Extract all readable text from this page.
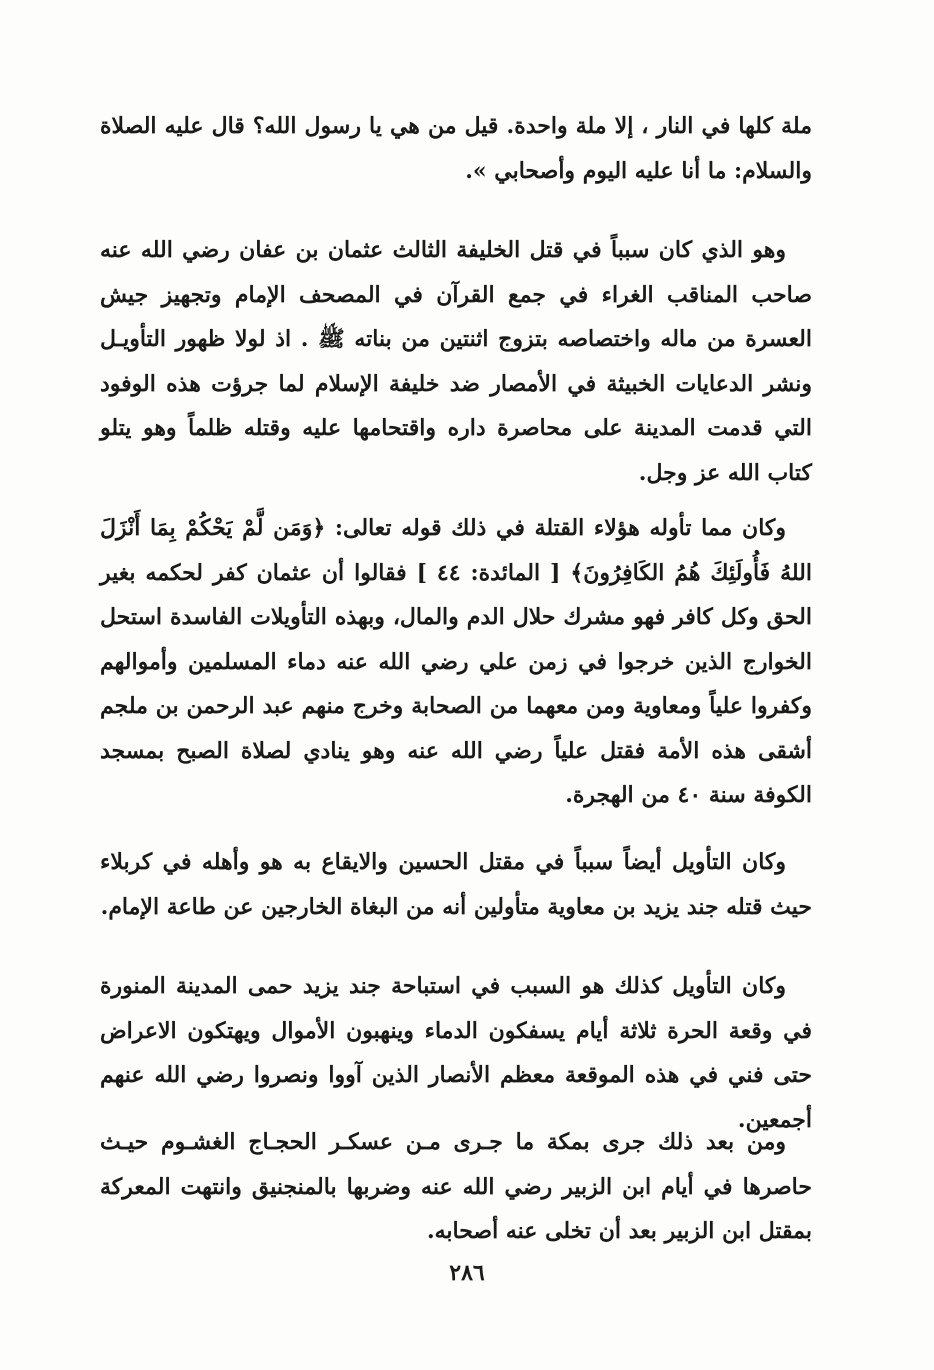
ملة كلها في النار ، إلا ملة واحدة. قيل من هي يا رسول الله؟ قال عليه الصلاة والسلام: ما أنا عليه اليوم وأصحابي ».

وهو الذي كان سبباً في قتل الخليفة الثالث عثمان بن عفان رضي الله عنه صاحب المناقب الغراء في جمع القرآن في المصحف الإمام وتجهيز جيش العسرة من ماله واختصاصه بتزوج اثنتين من بناته ﷺ . اذ لولا ظهور التأويـل ونشر الدعايات الخبيثة في الأمصار ضد خليفة الإسلام لما جرؤت هذه الوفود التي قدمت المدينة على محاصرة داره واقتحامها عليه وقتله ظلماً وهو يتلو كتاب الله عز وجل.

وكان مما تأوله هؤلاء القتلة في ذلك قوله تعالى: ﴿وَمَن لَّمْ يَحْكُمْ بِمَا أَنْزَلَ اللهُ فَأُولَئِكَ هُمُ الكَافِرُونَ﴾ [ المائدة: ٤٤ ] فقالوا أن عثمان كفر لحكمه بغير الحق وكل كافر فهو مشرك حلال الدم والمال، وبهذه التأويلات الفاسدة استحل الخوارج الذين خرجوا في زمن علي رضي الله عنه دماء المسلمين وأموالهم وكفروا علياً ومعاوية ومن معهما من الصحابة وخرج منهم عبد الرحمن بن ملجم أشقى هذه الأمة فقتل علياً رضي الله عنه وهو ينادي لصلاة الصبح بمسجد الكوفة سنة ٤٠ من الهجرة.

وكان التأويل أيضاً سبباً في مقتل الحسين والايقاع به هو وأهله في كربلاء حيث قتله جند يزيد بن معاوية متأولين أنه من البغاة الخارجين عن طاعة الإمام.

وكان التأويل كذلك هو السبب في استباحة جند يزيد حمى المدينة المنورة في وقعة الحرة ثلاثة أيام يسفكون الدماء وينهبون الأموال ويهتكون الاعراض حتى فني في هذه الموقعة معظم الأنصار الذين آووا ونصروا رضي الله عنهم أجمعين.

ومن بعد ذلك جرى بمكة ما جـرى مـن عسكـر الحجـاج الغشـوم حيـث حاصرها في أيام ابن الزبير رضي الله عنه وضربها بالمنجنيق وانتهت المعركة بمقتل ابن الزبير بعد أن تخلى عنه أصحابه.

٢٨٦
